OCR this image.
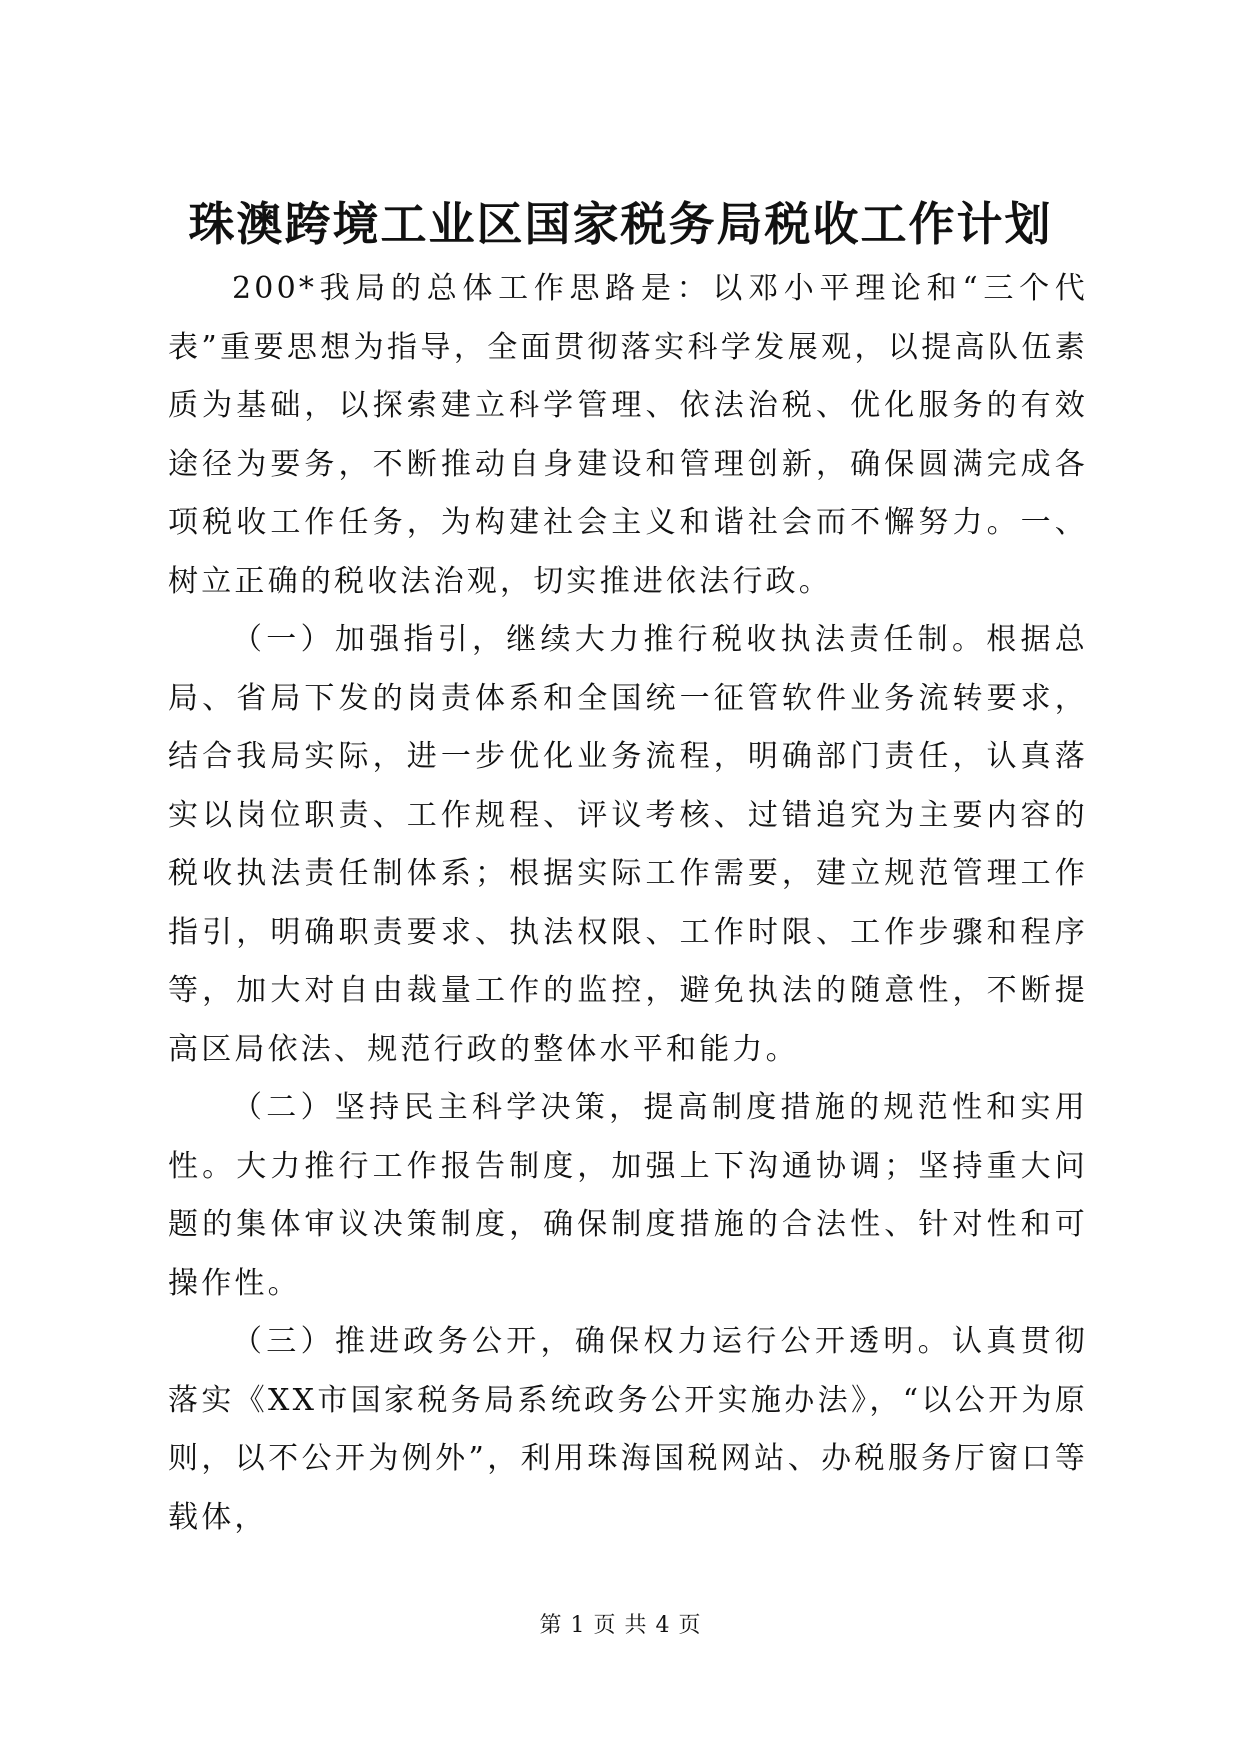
珠澳跨境工业区国家税务局税收工作计划

200*我局的总体工作思路是：以邓小平理论和“三个代表”重要思想为指导，全面贯彻落实科学发展观，以提高队伍素质为基础，以探索建立科学管理、依法治税、优化服务的有效途径为要务，不断推动自身建设和管理创新，确保圆满完成各项税收工作任务，为构建社会主义和谐社会而不懈努力。一、树立正确的税收法治观，切实推进依法行政。

（一）加强指引，继续大力推行税收执法责任制。根据总局、省局下发的岗责体系和全国统一征管软件业务流转要求，结合我局实际，进一步优化业务流程，明确部门责任，认真落实以岗位职责、工作规程、评议考核、过错追究为主要内容的税收执法责任制体系；根据实际工作需要，建立规范管理工作指引，明确职责要求、执法权限、工作时限、工作步骤和程序等，加大对自由裁量工作的监控，避免执法的随意性，不断提高区局依法、规范行政的整体水平和能力。

（二）坚持民主科学决策，提高制度措施的规范性和实用性。大力推行工作报告制度，加强上下沟通协调；坚持重大问题的集体审议决策制度，确保制度措施的合法性、针对性和可操作性。

（三）推进政务公开，确保权力运行公开透明。认真贯彻落实《XX市国家税务局系统政务公开实施办法》，“以公开为原则，以不公开为例外”，利用珠海国税网站、办税服务厅窗口等载体，

第 1 页 共 4 页
